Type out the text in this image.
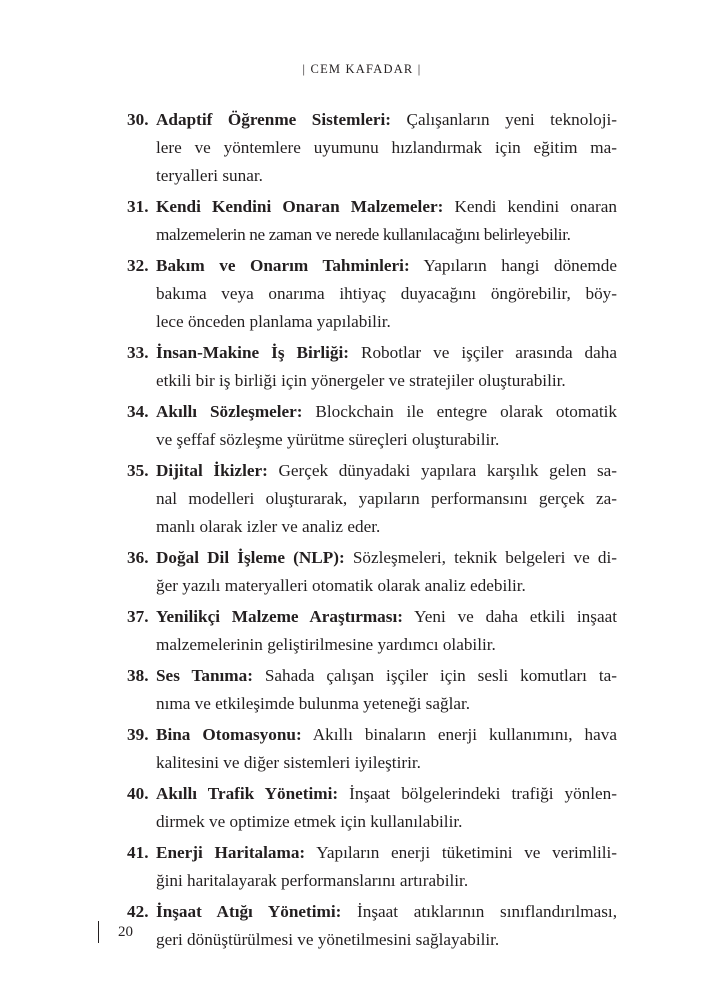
| CEM KAFADAR |
30. Adaptif Öğrenme Sistemleri: Çalışanların yeni teknoloji-
lere ve yöntemlere uyumunu hızlandırmak için eğitim ma-
teryalleri sunar.
31. Kendi Kendini Onaran Malzemeler: Kendi kendini onaran
malzemelerin ne zaman ve nerede kullanılacağını belirleyebilir.
32. Bakım ve Onarım Tahminleri: Yapıların hangi dönemde
bakıma veya onarıma ihtiyaç duyacağını öngörebilir, böy-
lece önceden planlama yapılabilir.
33. İnsan-Makine İş Birliği: Robotlar ve işçiler arasında daha
etkili bir iş birliği için yönergeler ve stratejiler oluşturabilir.
34. Akıllı Sözleşmeler: Blockchain ile entegre olarak otomatik
ve şeffaf sözleşme yürütme süreçleri oluşturabilir.
35. Dijital İkizler: Gerçek dünyadaki yapılara karşılık gelen sa-
nal modelleri oluşturarak, yapıların performansını gerçek za-
manlı olarak izler ve analiz eder.
36. Doğal Dil İşleme (NLP): Sözleşmeleri, teknik belgeleri ve di-
ğer yazılı materyalleri otomatik olarak analiz edebilir.
37. Yenilikçi Malzeme Araştırması: Yeni ve daha etkili inşaat
malzemelerinin geliştirilmesine yardımcı olabilir.
38. Ses Tanıma: Sahada çalışan işçiler için sesli komutları ta-
nıma ve etkileşimde bulunma yeteneği sağlar.
39. Bina Otomasyonu: Akıllı binaların enerji kullanımını, hava
kalitesini ve diğer sistemleri iyileştirir.
40. Akıllı Trafik Yönetimi: İnşaat bölgelerindeki trafiği yönlen-
dirmek ve optimize etmek için kullanılabilir.
41. Enerji Haritalama: Yapıların enerji tüketimini ve verimlili-
ğini haritalayarak performanslarını artırabilir.
42. İnşaat Atığı Yönetimi: İnşaat atıklarının sınıflandırılması,
geri dönüştürülmesi ve yönetilmesini sağlayabilir.
20
